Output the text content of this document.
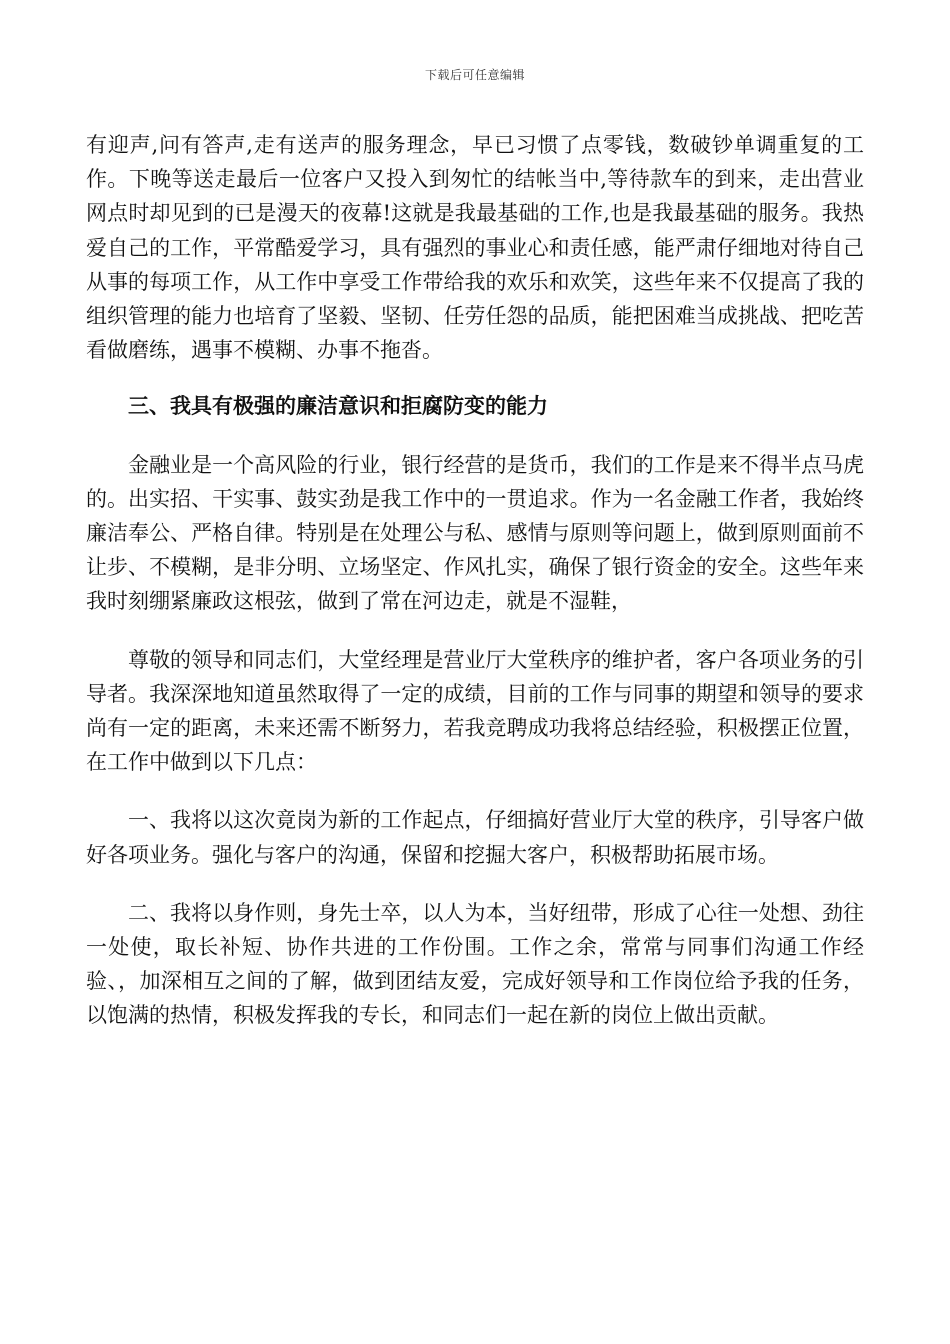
下载后可任意编辑

有迎声,问有答声,走有送声的服务理念，早已习惯了点零钱，数破钞单调重复的工作。下晚等送走最后一位客户又投入到匆忙的结帐当中,等待款车的到来，走出营业网点时却见到的已是漫天的夜幕!这就是我最基础的工作,也是我最基础的服务。我热爱自己的工作，平常酷爱学习，具有强烈的事业心和责任感，能严肃仔细地对待自己从事的每项工作，从工作中享受工作带给我的欢乐和欢笑，这些年来不仅提高了我的组织管理的能力也培育了坚毅、坚韧、任劳任怨的品质，能把困难当成挑战、把吃苦看做磨练，遇事不模糊、办事不拖沓。

三、我具有极强的廉洁意识和拒腐防变的能力

金融业是一个高风险的行业，银行经营的是货币，我们的工作是来不得半点马虎的。出实招、干实事、鼓实劲是我工作中的一贯追求。作为一名金融工作者，我始终廉洁奉公、严格自律。特别是在处理公与私、感情与原则等问题上，做到原则面前不让步、不模糊，是非分明、立场坚定、作风扎实，确保了银行资金的安全。这些年来我时刻绷紧廉政这根弦，做到了常在河边走，就是不湿鞋，

尊敬的领导和同志们，大堂经理是营业厅大堂秩序的维护者，客户各项业务的引导者。我深深地知道虽然取得了一定的成绩，目前的工作与同事的期望和领导的要求尚有一定的距离，未来还需不断努力，若我竞聘成功我将总结经验，积极摆正位置，在工作中做到以下几点：

一、我将以这次竟岗为新的工作起点，仔细搞好营业厅大堂的秩序，引导客户做好各项业务。强化与客户的沟通，保留和挖掘大客户，积极帮助拓展市场。

二、我将以身作则，身先士卒，以人为本，当好纽带，形成了心往一处想、劲往一处使，取长补短、协作共进的工作份围。工作之余，常常与同事们沟通工作经验、，加深相互之间的了解，做到团结友爱，完成好领导和工作岗位给予我的任务，以饱满的热情，积极发挥我的专长，和同志们一起在新的岗位上做出贡献。
